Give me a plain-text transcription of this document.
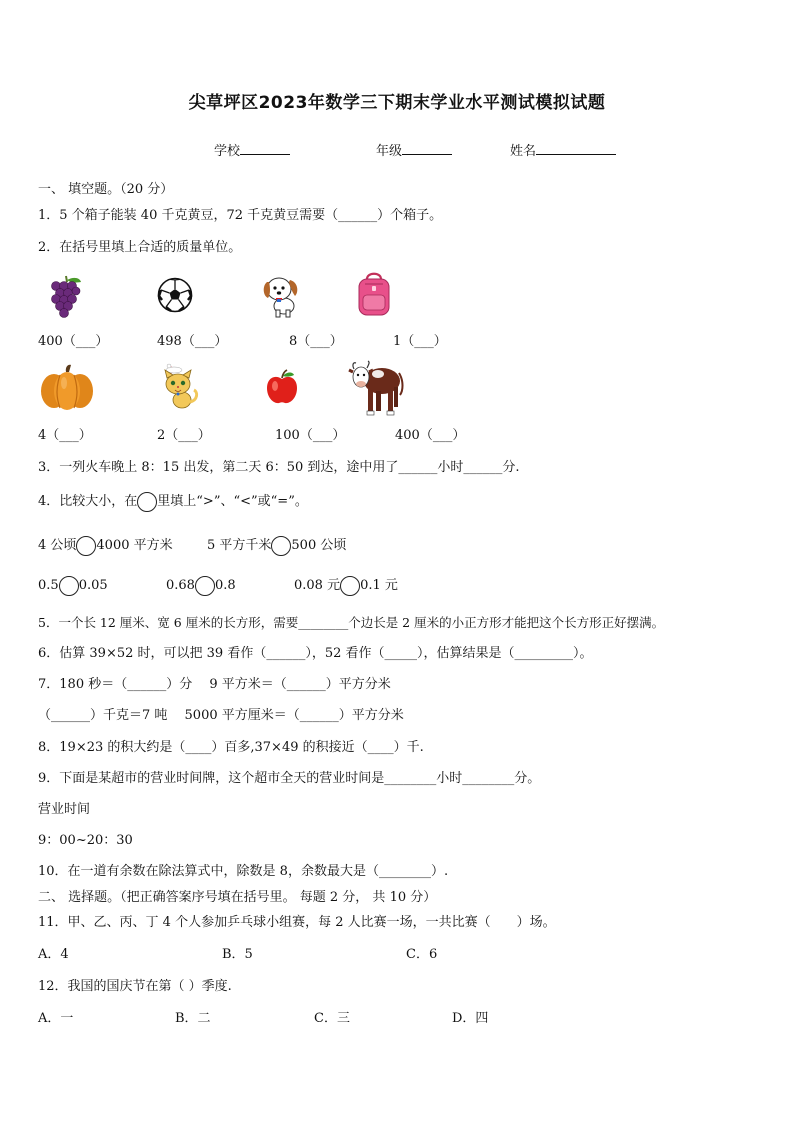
尖草坪区2023年数学三下期末学业水平测试模拟试题
学校	年级	姓名
一、 填空题。（20 分）
1．5 个箱子能装 40 千克黄豆，72 千克黄豆需要（______）个箱子。
2．在括号里填上合适的质量单位。
400（___）	498（___）	8（___）	1（___）
4（___）	2（___）	100（___）	400（___）
3．一列火车晚上 8：15 出发，第二天 6：50 到达，途中用了______小时______分.
4．比较大小，在 里填上“>”、“<”或“=”。
4 公顷 4000 平方米	5 平方千米 500 公顷
0.5 0.05	0.68 0.8	0.08 元 0.1 元
5．一个长 12 厘米、宽 6 厘米的长方形，需要________个边长是 2 厘米的小正方形才能把这个长方形正好摆满。
6．估算 39×52 时，可以把 39 看作（______），52 看作（_____），估算结果是（_________）。
7．180 秒＝（______）分　 9 平方米＝（______）平方分米
（______）千克＝7 吨　 5000 平方厘米＝（______）平方分米
8．19×23 的积大约是（____）百多,37×49 的积接近（____）千.
9．下面是某超市的营业时间牌，这个超市全天的营业时间是________小时________分。
营业时间
9：00~20：30
10．在一道有余数在除法算式中，除数是 8，余数最大是（________）.
二、 选择题。（把正确答案序号填在括号里。 每题 2 分， 共 10 分）
11．甲、乙、丙、丁 4 个人参加乒乓球小组赛，每 2 人比赛一场，一共比赛（　　）场。
A．4	B．5	C．6
12．我国的国庆节在第（ ）季度.
A．一	B．二	C．三	D．四
